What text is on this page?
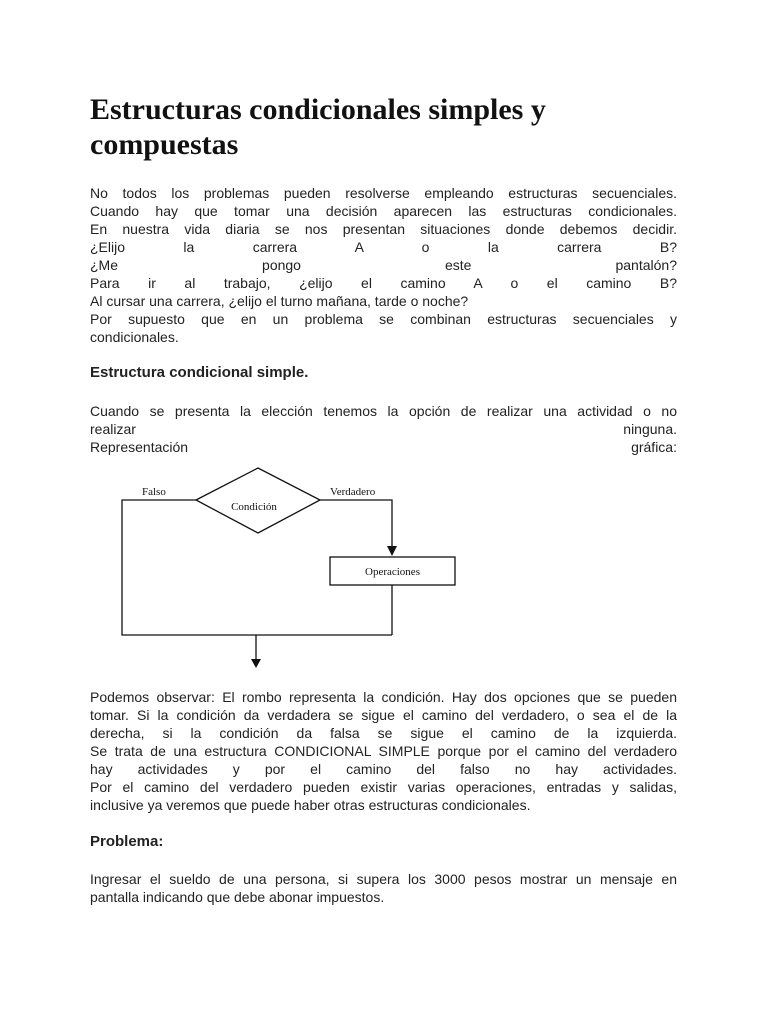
Estructuras condicionales simples y compuestas
No todos los problemas pueden resolverse empleando estructuras secuenciales.
Cuando hay que tomar una decisión aparecen las estructuras condicionales.
En nuestra vida diaria se nos presentan situaciones donde debemos decidir.
¿Elijo la carrera A o la carrera B?
¿Me pongo este pantalón?
Para ir al trabajo, ¿elijo el camino A o el camino B?
Al cursar una carrera, ¿elijo el turno mañana, tarde o noche?
Por supuesto que en un problema se combinan estructuras secuenciales y
condicionales.
Estructura condicional simple.
Cuando se presenta la elección tenemos la opción de realizar una actividad o no
realizar ninguna.
Representación gráfica:
Operaciones
Condición
Falso	Verdadero
Podemos observar: El rombo representa la condición. Hay dos opciones que se pueden
tomar. Si la condición da verdadera se sigue el camino del verdadero, o sea el de la
derecha, si la condición da falsa se sigue el camino de la izquierda.
Se trata de una estructura CONDICIONAL SIMPLE porque por el camino del verdadero
hay actividades y por el camino del falso no hay actividades.
Por el camino del verdadero pueden existir varias operaciones, entradas y salidas,
inclusive ya veremos que puede haber otras estructuras condicionales.
Problema:
Ingresar el sueldo de una persona, si supera los 3000 pesos mostrar un mensaje en
pantalla indicando que debe abonar impuestos.
